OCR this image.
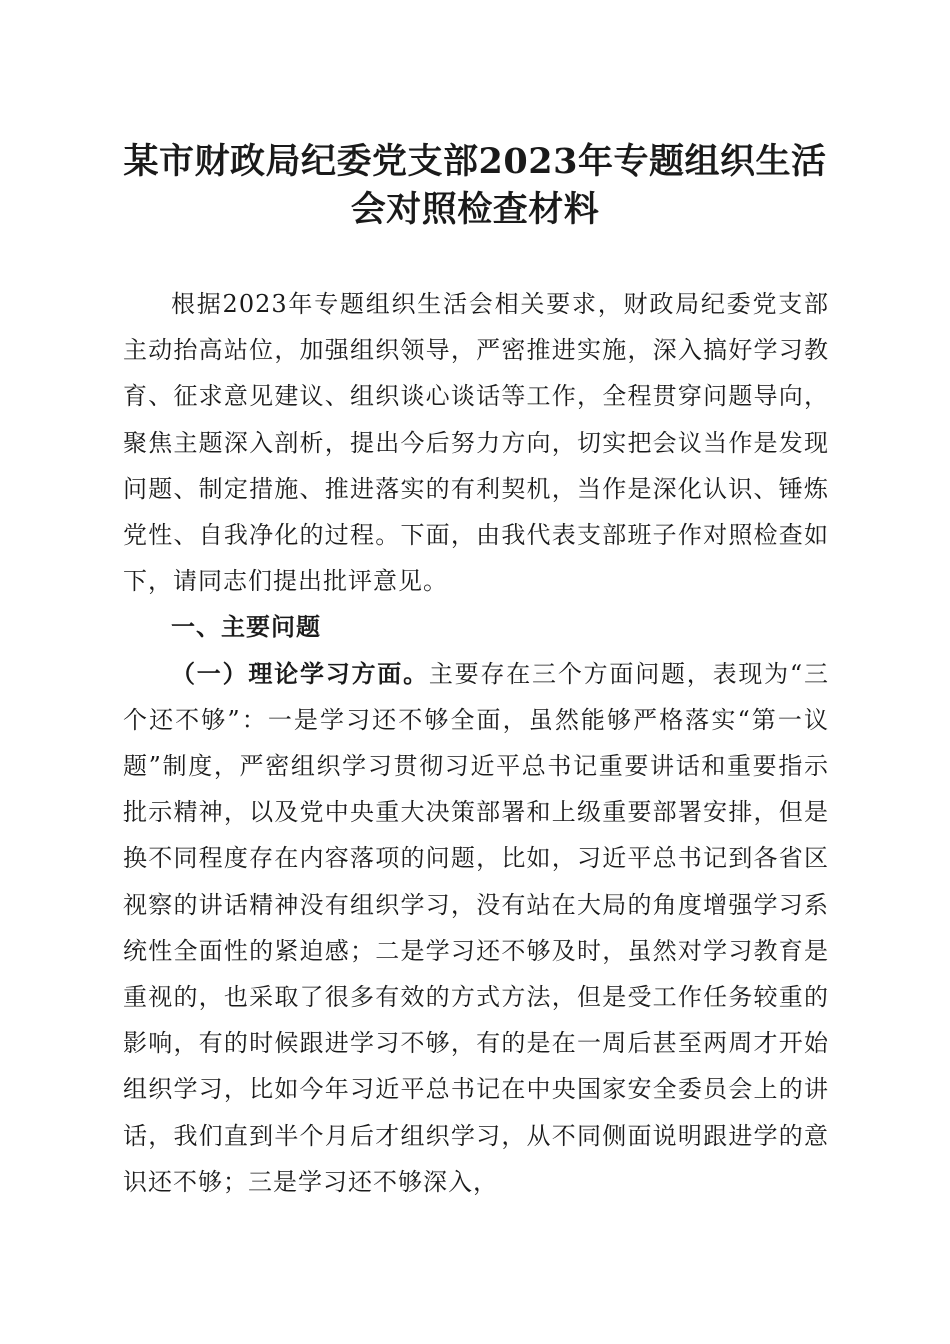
某市财政局纪委党支部2023年专题组织生活
会对照检查材料

根据2023年专题组织生活会相关要求，财政局纪委党支部主动抬高站位，加强组织领导，严密推进实施，深入搞好学习教育、征求意见建议、组织谈心谈话等工作，全程贯穿问题导向，聚焦主题深入剖析，提出今后努力方向，切实把会议当作是发现问题、制定措施、推进落实的有利契机，当作是深化认识、锤炼党性、自我净化的过程。下面，由我代表支部班子作对照检查如下，请同志们提出批评意见。

一、主要问题

（一）理论学习方面。主要存在三个方面问题，表现为“三个还不够”：一是学习还不够全面，虽然能够严格落实“第一议题”制度，严密组织学习贯彻习近平总书记重要讲话和重要指示批示精神，以及党中央重大决策部署和上级重要部署安排，但是换不同程度存在内容落项的问题，比如，习近平总书记到各省区视察的讲话精神没有组织学习，没有站在大局的角度增强学习系统性全面性的紧迫感；二是学习还不够及时，虽然对学习教育是重视的，也采取了很多有效的方式方法，但是受工作任务较重的影响，有的时候跟进学习不够，有的是在一周后甚至两周才开始组织学习，比如今年习近平总书记在中央国家安全委员会上的讲话，我们直到半个月后才组织学习，从不同侧面说明跟进学的意识还不够；三是学习还不够深入，
